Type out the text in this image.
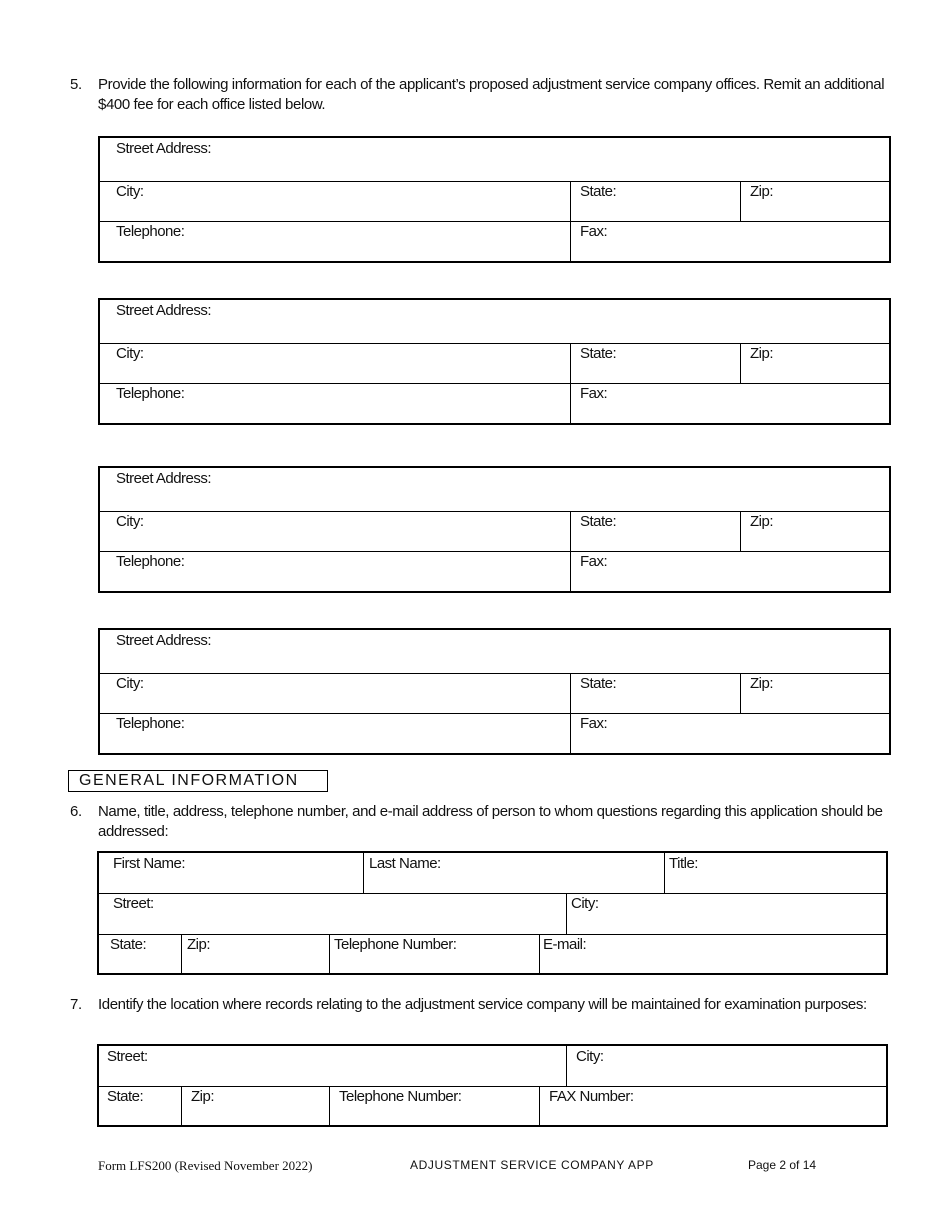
5. Provide the following information for each of the applicant’s proposed adjustment service company offices. Remit an additional $400 fee for each office listed below.
Street Address:
City:	State:	Zip:
Telephone:	Fax:
Street Address:
City:	State:	Zip:
Telephone:	Fax:
Street Address:
City:	State:	Zip:
Telephone:	Fax:
Street Address:
City:	State:	Zip:
Telephone:	Fax:
GENERAL INFORMATION
6. Name, title, address, telephone number, and e-mail address of person to whom questions regarding this application should be addressed:
First Name:	Last Name:	Title:
Street:	City:
State:	Zip:	Telephone Number:	E-mail:
7. Identify the location where records relating to the adjustment service company will be maintained for examination purposes:
Street:	City:
State:	Zip:	Telephone Number:	FAX Number:
Form LFS200 (Revised November 2022)	ADJUSTMENT SERVICE COMPANY APP	Page 2 of 14
